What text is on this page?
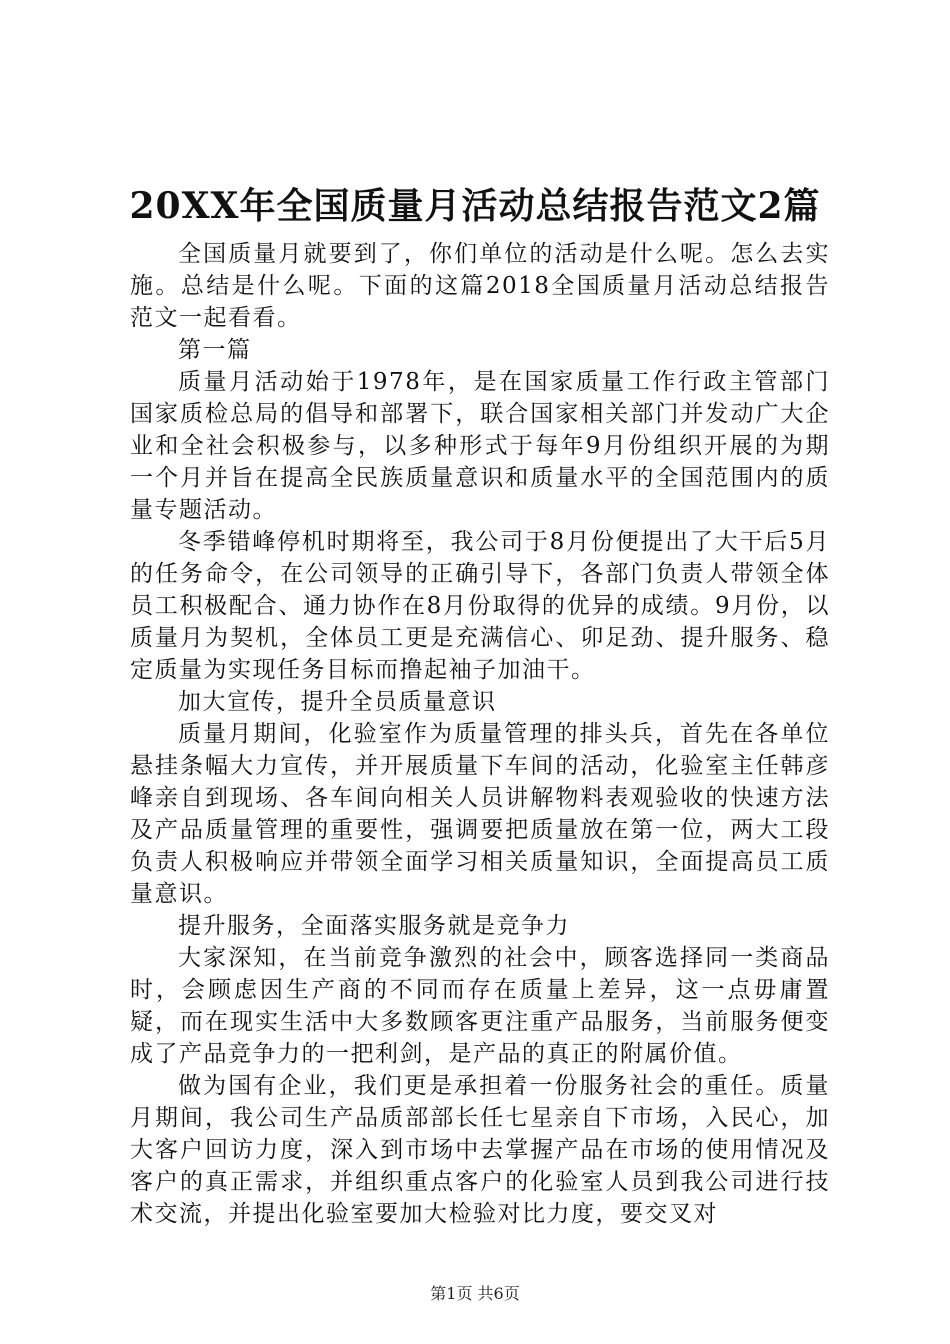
20XX年全国质量月活动总结报告范文2篇

全国质量月就要到了，你们单位的活动是什么呢。怎么去实施。总结是什么呢。下面的这篇2018全国质量月活动总结报告范文一起看看。

第一篇

质量月活动始于1978年，是在国家质量工作行政主管部门国家质检总局的倡导和部署下，联合国家相关部门并发动广大企业和全社会积极参与，以多种形式于每年9月份组织开展的为期一个月并旨在提高全民族质量意识和质量水平的全国范围内的质量专题活动。

冬季错峰停机时期将至，我公司于8月份便提出了大干后5月的任务命令，在公司领导的正确引导下，各部门负责人带领全体员工积极配合、通力协作在8月份取得的优异的成绩。9月份，以质量月为契机，全体员工更是充满信心、卯足劲、提升服务、稳定质量为实现任务目标而撸起袖子加油干。

加大宣传，提升全员质量意识

质量月期间，化验室作为质量管理的排头兵，首先在各单位悬挂条幅大力宣传，并开展质量下车间的活动，化验室主任韩彦峰亲自到现场、各车间向相关人员讲解物料表观验收的快速方法及产品质量管理的重要性，强调要把质量放在第一位，两大工段负责人积极响应并带领全面学习相关质量知识，全面提高员工质量意识。

提升服务，全面落实服务就是竞争力

大家深知，在当前竞争激烈的社会中，顾客选择同一类商品时，会顾虑因生产商的不同而存在质量上差异，这一点毋庸置疑，而在现实生活中大多数顾客更注重产品服务，当前服务便变成了产品竞争力的一把利剑，是产品的真正的附属价值。

做为国有企业，我们更是承担着一份服务社会的重任。质量月期间，我公司生产品质部部长任七星亲自下市场，入民心，加大客户回访力度，深入到市场中去掌握产品在市场的使用情况及客户的真正需求，并组织重点客户的化验室人员到我公司进行技术交流，并提出化验室要加大检验对比力度，要交叉对

第1页 共6页
